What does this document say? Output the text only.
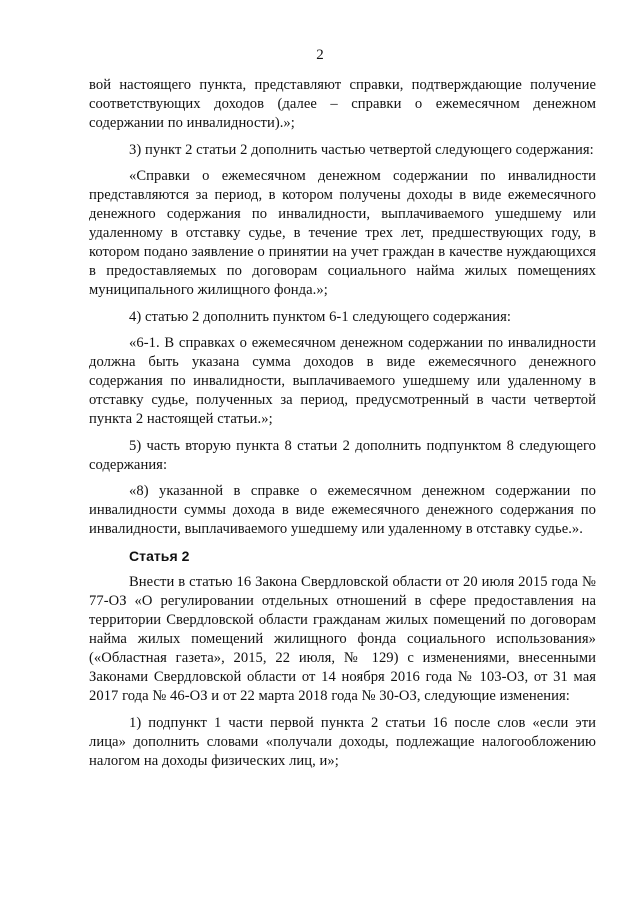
2

вой настоящего пункта, представляют справки, подтверждающие получение соответствующих доходов (далее – справки о ежемесячном денежном содержании по инвалидности).»;

3) пункт 2 статьи 2 дополнить частью четвертой следующего содержания:

«Справки о ежемесячном денежном содержании по инвалидности представляются за период, в котором получены доходы в виде ежемесячного денежного содержания по инвалидности, выплачиваемого ушедшему или удаленному в отставку судье, в течение трех лет, предшествующих году, в котором подано заявление о принятии на учет граждан в качестве нуждающихся в предоставляемых по договорам социального найма жилых помещениях муниципального жилищного фонда.»;

4) статью 2 дополнить пунктом 6-1 следующего содержания:

«6-1. В справках о ежемесячном денежном содержании по инвалидности должна быть указана сумма доходов в виде ежемесячного денежного содержания по инвалидности, выплачиваемого ушедшему или удаленному в отставку судье, полученных за период, предусмотренный в части четвертой пункта 2 настоящей статьи.»;

5) часть вторую пункта 8 статьи 2 дополнить подпунктом 8 следующего содержания:

«8) указанной в справке о ежемесячном денежном содержании по инвалидности суммы дохода в виде ежемесячного денежного содержания по инвалидности, выплачиваемого ушедшему или удаленному в отставку судье.».

Статья 2

Внести в статью 16 Закона Свердловской области от 20 июля 2015 года № 77-ОЗ «О регулировании отдельных отношений в сфере предоставления на территории Свердловской области гражданам жилых помещений по договорам найма жилых помещений жилищного фонда социального использования» («Областная газета», 2015, 22 июля, № 129) с изменениями, внесенными Законами Свердловской области от 14 ноября 2016 года № 103-ОЗ, от 31 мая 2017 года № 46-ОЗ и от 22 марта 2018 года № 30-ОЗ, следующие изменения:

1) подпункт 1 части первой пункта 2 статьи 16 после слов «если эти лица» дополнить словами «получали доходы, подлежащие налогообложению налогом на доходы физических лиц, и»;
